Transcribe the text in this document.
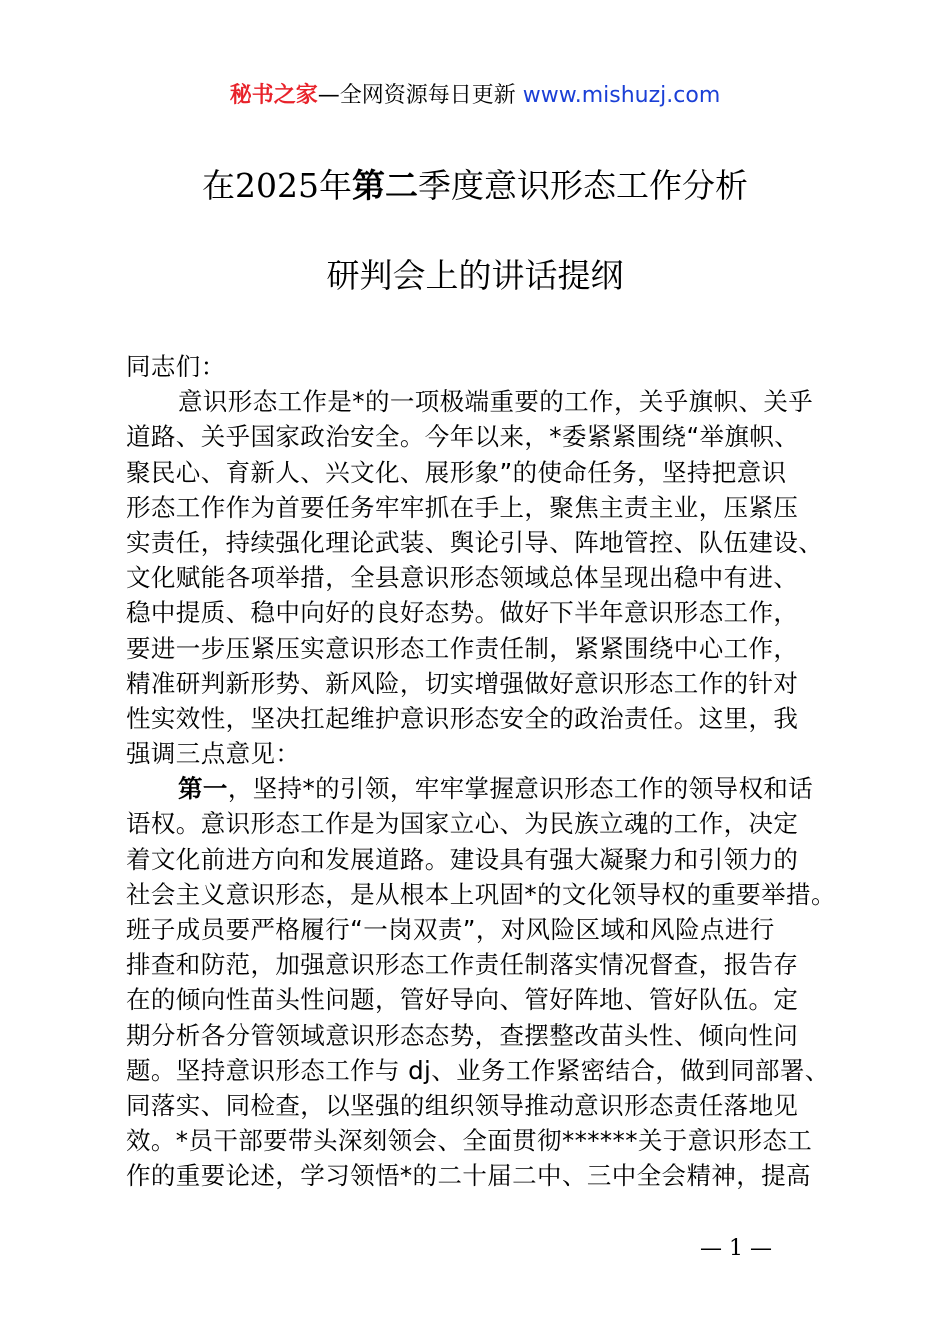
秘书之家—全网资源每日更新 www.mishuzj.com
在2025年第二季度意识形态工作分析
研判会上的讲话提纲
同志们：
意识形态工作是*的一项极端重要的工作，关乎旗帜、关乎
道路、关乎国家政治安全。今年以来，*委紧紧围绕“举旗帜、
聚民心、育新人、兴文化、展形象”的使命任务，坚持把意识
形态工作作为首要任务牢牢抓在手上，聚焦主责主业，压紧压
实责任，持续强化理论武装、舆论引导、阵地管控、队伍建设、
文化赋能各项举措，全县意识形态领域总体呈现出稳中有进、
稳中提质、稳中向好的良好态势。做好下半年意识形态工作，
要进一步压紧压实意识形态工作责任制，紧紧围绕中心工作，
精准研判新形势、新风险，切实增强做好意识形态工作的针对
性实效性，坚决扛起维护意识形态安全的政治责任。这里，我
强调三点意见：
第一，坚持*的引领，牢牢掌握意识形态工作的领导权和话
语权。意识形态工作是为国家立心、为民族立魂的工作，决定
着文化前进方向和发展道路。建设具有强大凝聚力和引领力的
社会主义意识形态，是从根本上巩固*的文化领导权的重要举措。
班子成员要严格履行“一岗双责”，对风险区域和风险点进行
排查和防范，加强意识形态工作责任制落实情况督查，报告存
在的倾向性苗头性问题，管好导向、管好阵地、管好队伍。定
期分析各分管领域意识形态态势，查摆整改苗头性、倾向性问
题。坚持意识形态工作与 dj、业务工作紧密结合，做到同部署、
同落实、同检查，以坚强的组织领导推动意识形态责任落地见
效。*员干部要带头深刻领会、全面贯彻******关于意识形态工
作的重要论述，学习领悟*的二十届二中、三中全会精神，提高
— 1 —
